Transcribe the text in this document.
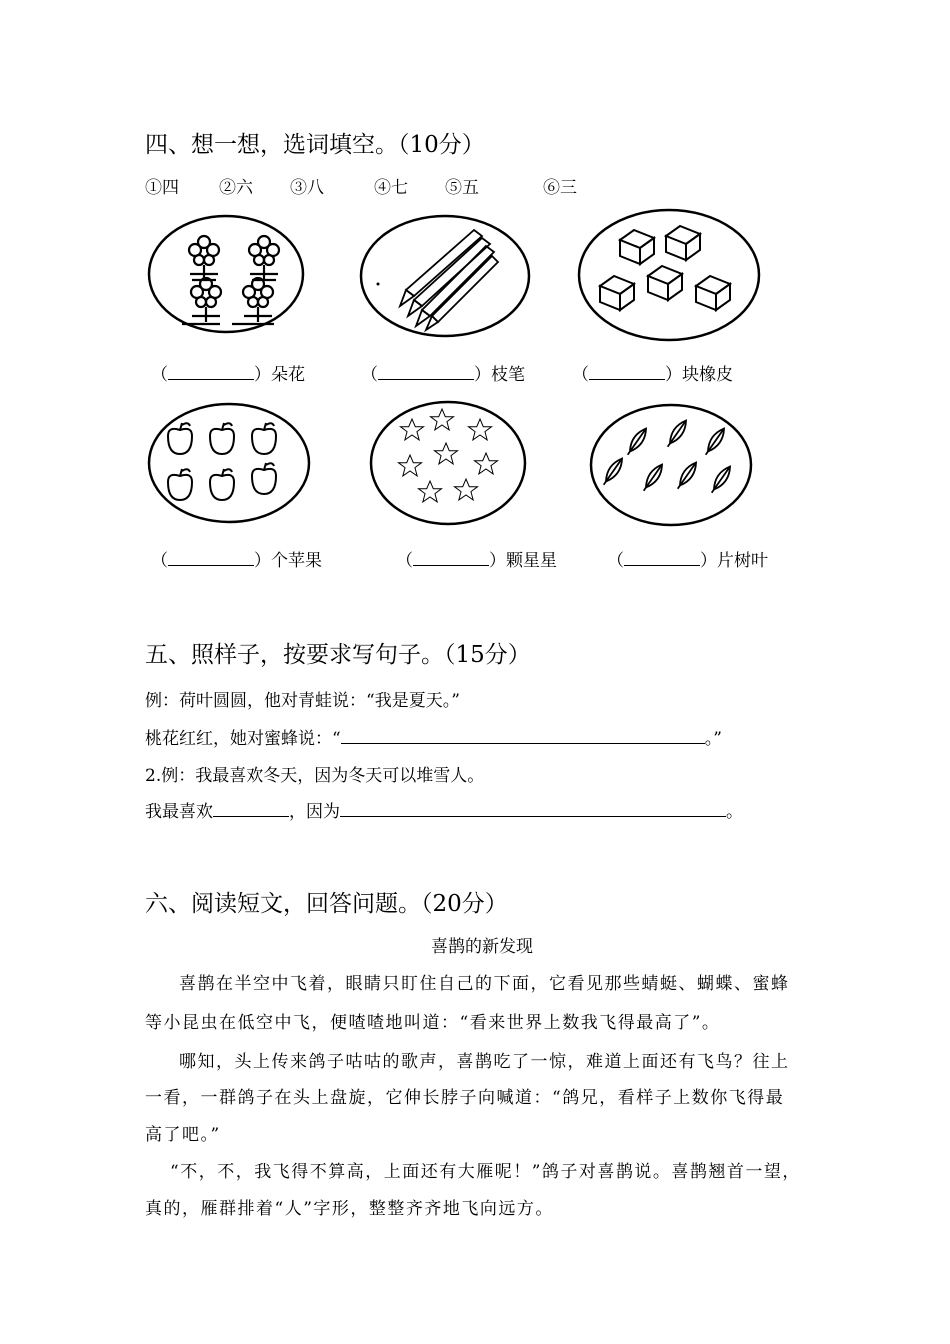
四、想一想，选词填空。（10分）
①四 ②六 ③八	④七 ⑤五	⑥三
（	）朵花	（	）枝笔	（	）块橡皮
（	）个苹果	（	）颗星星	（	）片树叶
五、照样子，按要求写句子。（15分）
例：荷叶圆圆，他对青蛙说：“我是夏天。”
桃花红红，她对蜜蜂说：“	。”
2.例：我最喜欢冬天，因为冬天可以堆雪人。
我最喜欢	，因为	。
六、阅读短文，回答问题。（20分）
喜鹊的新发现
喜鹊在半空中飞着，眼睛只盯住自己的下面，它看见那些蜻蜓、蝴蝶、蜜蜂
等小昆虫在低空中飞，便喳喳地叫道：“看来世界上数我飞得最高了”。
哪知，头上传来鸽子咕咕的歌声，喜鹊吃了一惊，难道上面还有飞鸟？往上
一看，一群鸽子在头上盘旋，它伸长脖子向喊道：“鸽兄，看样子上数你飞得最
高了吧。”
“不，不，我飞得不算高，上面还有大雁呢！”鸽子对喜鹊说。喜鹊翘首一望，
真的，雁群排着“人”字形，整整齐齐地飞向远方。
